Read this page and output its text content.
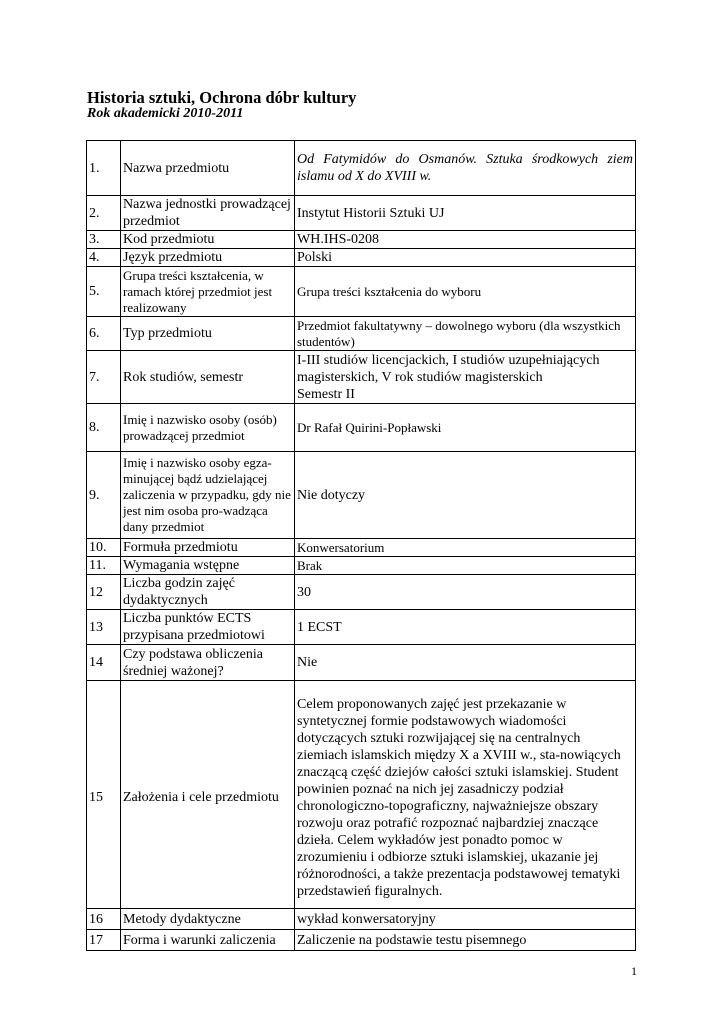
Historia sztuki, Ochrona dóbr kultury
Rok akademicki 2010-2011
1.	Nazwa przedmiotu	Od Fatymidów do Osmanów. Sztuka środkowych ziem islamu od X do XVIII w.
2.	Nazwa jednostki prowadzącej przedmiot	Instytut Historii Sztuki UJ
3.	Kod przedmiotu	WH.IHS-0208
4.	Język przedmiotu	Polski
5.	Grupa treści kształcenia, w ramach której przedmiot jest realizowany	Grupa treści kształcenia do wyboru
6.	Typ przedmiotu	Przedmiot fakultatywny – dowolnego wyboru (dla wszystkich studentów)
7.	Rok studiów, semestr	I-III studiów licencjackich, I studiów uzupełniających magisterskich, V rok studiów magisterskich
Semestr II
8.	Imię i nazwisko osoby (osób) prowadzącej przedmiot	Dr Rafał Quirini-Popławski
9.	Imię i nazwisko osoby egza-minującej bądź udzielającej zaliczenia w przypadku, gdy nie jest nim osoba pro-wadząca dany przedmiot	Nie dotyczy
10.	Formuła przedmiotu	Konwersatorium
11.	Wymagania wstępne	Brak
12	Liczba godzin zajęć dydaktycznych	30
13	Liczba punktów ECTS przypisana przedmiotowi	1 ECST
14	Czy podstawa obliczenia średniej ważonej?	Nie
15	Założenia i cele przedmiotu	Celem proponowanych zajęć jest przekazanie w syntetycznej formie podstawowych wiadomości dotyczących sztuki rozwijającej się na centralnych ziemiach islamskich między X a XVIII w., sta-nowiących znaczącą część dziejów całości sztuki islamskiej. Student powinien poznać na nich jej zasadniczy podział chronologiczno-topograficzny, najważniejsze obszary rozwoju oraz potrafić rozpoznać najbardziej znaczące dzieła. Celem wykładów jest ponadto pomoc w zrozumieniu i odbiorze sztuki islamskiej, ukazanie jej różnorodności, a także prezentacja podstawowej tematyki przedstawień figuralnych.
16	Metody dydaktyczne	wykład konwersatoryjny
17	Forma i warunki zaliczenia	Zaliczenie na podstawie testu pisemnego
1
